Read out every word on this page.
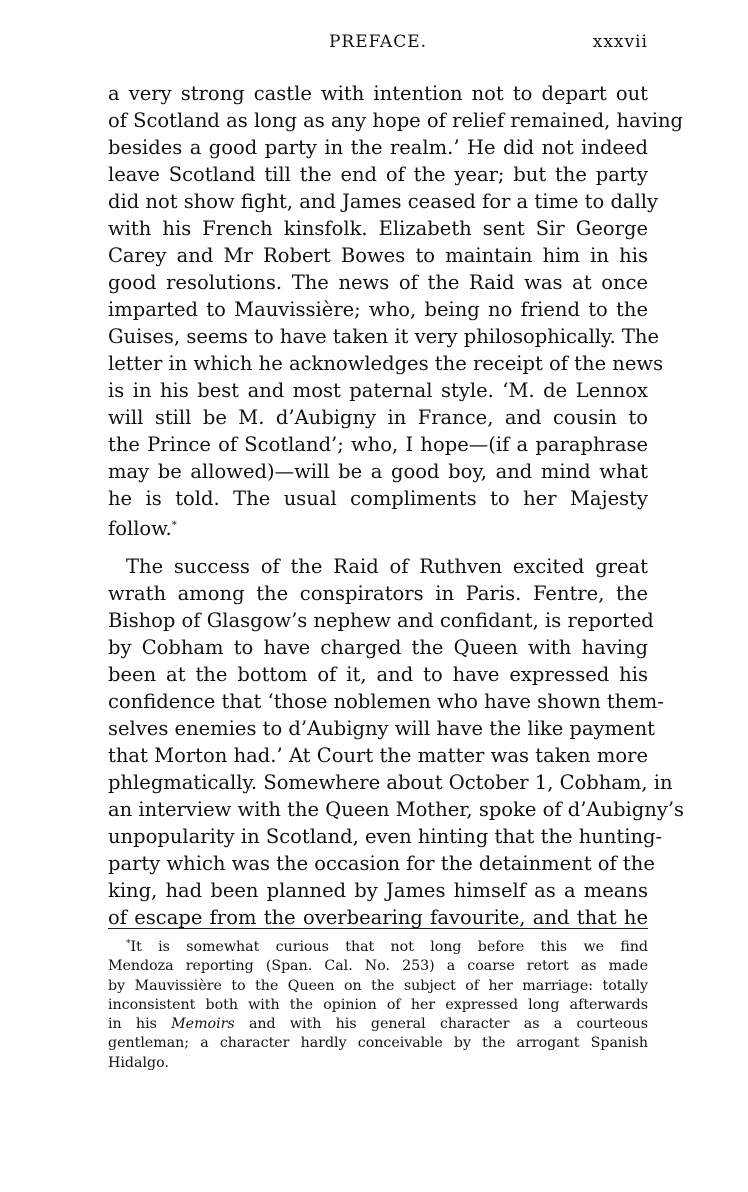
PREFACE.	xxxvii

a very strong castle with intention not to depart out
of Scotland as long as any hope of relief remained, having
besides a good party in the realm.’ He did not indeed
leave Scotland till the end of the year; but the party
did not show fight, and James ceased for a time to dally
with his French kinsfolk. Elizabeth sent Sir George
Carey and Mr Robert Bowes to maintain him in his
good resolutions. The news of the Raid was at once
imparted to Mauvissière; who, being no friend to the
Guises, seems to have taken it very philosophically. The
letter in which he acknowledges the receipt of the news
is in his best and most paternal style. ‘M. de Lennox
will still be M. d’Aubigny in France, and cousin to
the Prince of Scotland’; who, I hope—(if a paraphrase
may be allowed)—will be a good boy, and mind what
he is told. The usual compliments to her Majesty
follow.*

The success of the Raid of Ruthven excited great
wrath among the conspirators in Paris. Fentre, the
Bishop of Glasgow’s nephew and confidant, is reported
by Cobham to have charged the Queen with having
been at the bottom of it, and to have expressed his
confidence that ‘those noblemen who have shown them-
selves enemies to d’Aubigny will have the like payment
that Morton had.’ At Court the matter was taken more
phlegmatically. Somewhere about October 1, Cobham, in
an interview with the Queen Mother, spoke of d’Aubigny’s
unpopularity in Scotland, even hinting that the hunting-
party which was the occasion for the detainment of the
king, had been planned by James himself as a means
of escape from the overbearing favourite, and that he

*It is somewhat curious that not long before this we find
Mendoza reporting (Span. Cal. No. 253) a coarse retort as made
by Mauvissière to the Queen on the subject of her marriage: totally
inconsistent both with the opinion of her expressed long afterwards
in his Memoirs and with his general character as a courteous
gentleman; a character hardly conceivable by the arrogant Spanish
Hidalgo.
